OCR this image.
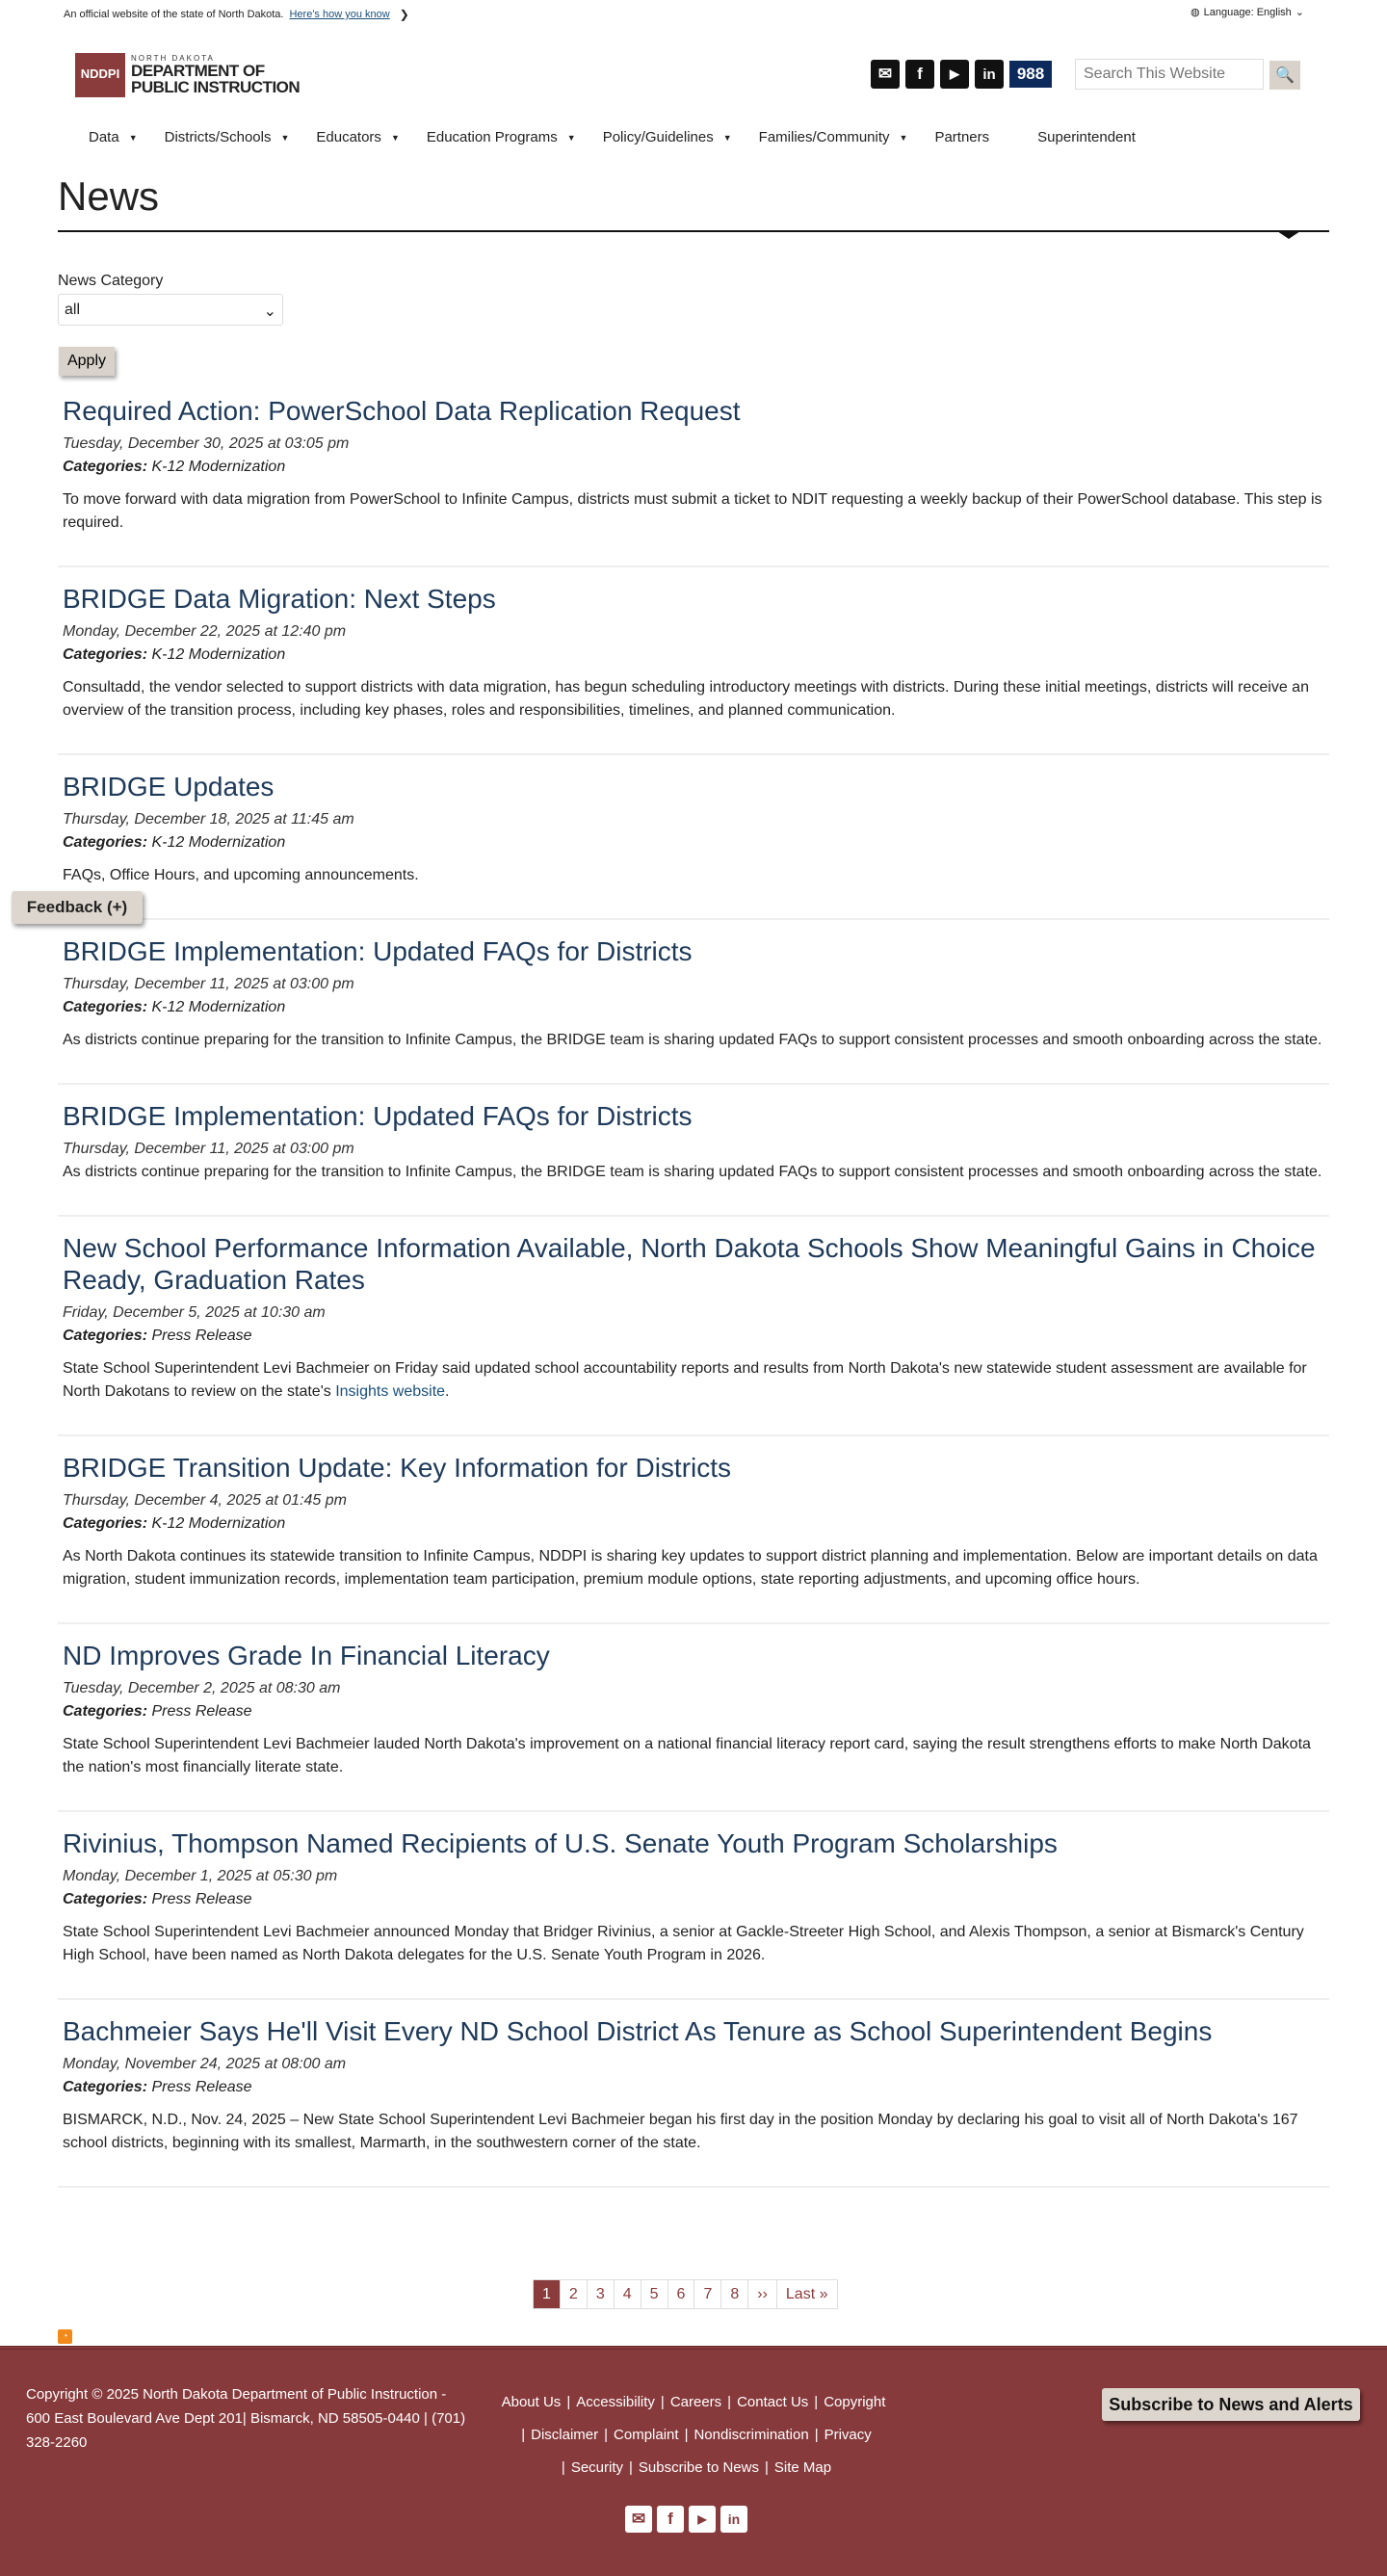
An official website of the state of North Dakota. Here's how you know ❯	◍ Language: English ⌄
NDDPI
NORTH DAKOTA
DEPARTMENT OF
PUBLIC INSTRUCTION
✉	f	▶	in	988
Search This Website	🔍
Data ▼ Districts/Schools ▼ Educators ▼ Education Programs ▼ Policy/Guidelines ▼ Families/Community ▼ Partners	Superintendent
News
News Category
all	⌄
Apply
Required Action: PowerSchool Data Replication Request
Tuesday, December 30, 2025 at 03:05 pm
Categories: K-12 Modernization

To move forward with data migration from PowerSchool to Infinite Campus, districts must submit a ticket to NDIT requesting a weekly backup of their PowerSchool database. This step is required.

BRIDGE Data Migration: Next Steps
Monday, December 22, 2025 at 12:40 pm
Categories: K-12 Modernization

Consultadd, the vendor selected to support districts with data migration, has begun scheduling introductory meetings with districts. During these initial meetings, districts will receive an overview of the transition process, including key phases, roles and responsibilities, timelines, and planned communication.

BRIDGE Updates
Thursday, December 18, 2025 at 11:45 am
Categories: K-12 Modernization

FAQs, Office Hours, and upcoming announcements.

BRIDGE Implementation: Updated FAQs for Districts
Thursday, December 11, 2025 at 03:00 pm
Categories: K-12 Modernization

As districts continue preparing for the transition to Infinite Campus, the BRIDGE team is sharing updated FAQs to support consistent processes and smooth onboarding across the state.

BRIDGE Implementation: Updated FAQs for Districts
Thursday, December 11, 2025 at 03:00 pm

As districts continue preparing for the transition to Infinite Campus, the BRIDGE team is sharing updated FAQs to support consistent processes and smooth onboarding across the state.

New School Performance Information Available, North Dakota Schools Show Meaningful Gains in Choice Ready, Graduation Rates
Friday, December 5, 2025 at 10:30 am
Categories: Press Release

State School Superintendent Levi Bachmeier on Friday said updated school accountability reports and results from North Dakota's new statewide student assessment are available for North Dakotans to review on the state's Insights website.

BRIDGE Transition Update: Key Information for Districts
Thursday, December 4, 2025 at 01:45 pm
Categories: K-12 Modernization

As North Dakota continues its statewide transition to Infinite Campus, NDDPI is sharing key updates to support district planning and implementation. Below are important details on data migration, student immunization records, implementation team participation, premium module options, state reporting adjustments, and upcoming office hours.

ND Improves Grade In Financial Literacy
Tuesday, December 2, 2025 at 08:30 am
Categories: Press Release

State School Superintendent Levi Bachmeier lauded North Dakota's improvement on a national financial literacy report card, saying the result strengthens efforts to make North Dakota the nation's most financially literate state.

Rivinius, Thompson Named Recipients of U.S. Senate Youth Program Scholarships
Monday, December 1, 2025 at 05:30 pm
Categories: Press Release

State School Superintendent Levi Bachmeier announced Monday that Bridger Rivinius, a senior at Gackle-Streeter High School, and Alexis Thompson, a senior at Bismarck's Century High School, have been named as North Dakota delegates for the U.S. Senate Youth Program in 2026.

Bachmeier Says He'll Visit Every ND School District As Tenure as School Superintendent Begins
Monday, November 24, 2025 at 08:00 am
Categories: Press Release

BISMARCK, N.D., Nov. 24, 2025 – New State School Superintendent Levi Bachmeier began his first day in the position Monday by declaring his goal to visit all of North Dakota's 167 school districts, beginning with its smallest, Marmarth, in the southwestern corner of the state.

Feedback (+)
1	2	3	4	5	6	7	8	››	Last »
◔
Copyright © 2025 North Dakota Department of Public Instruction - 600 East Boulevard Ave Dept 201| Bismarck, ND 58505-0440 | (701) 328-2260
About Us | Accessibility | Careers | Contact Us | Copyright
| Disclaimer | Complaint | Nondiscrimination | Privacy
| Security | Subscribe to News | Site Map
Subscribe to News and Alerts
✉	f	▶	in
